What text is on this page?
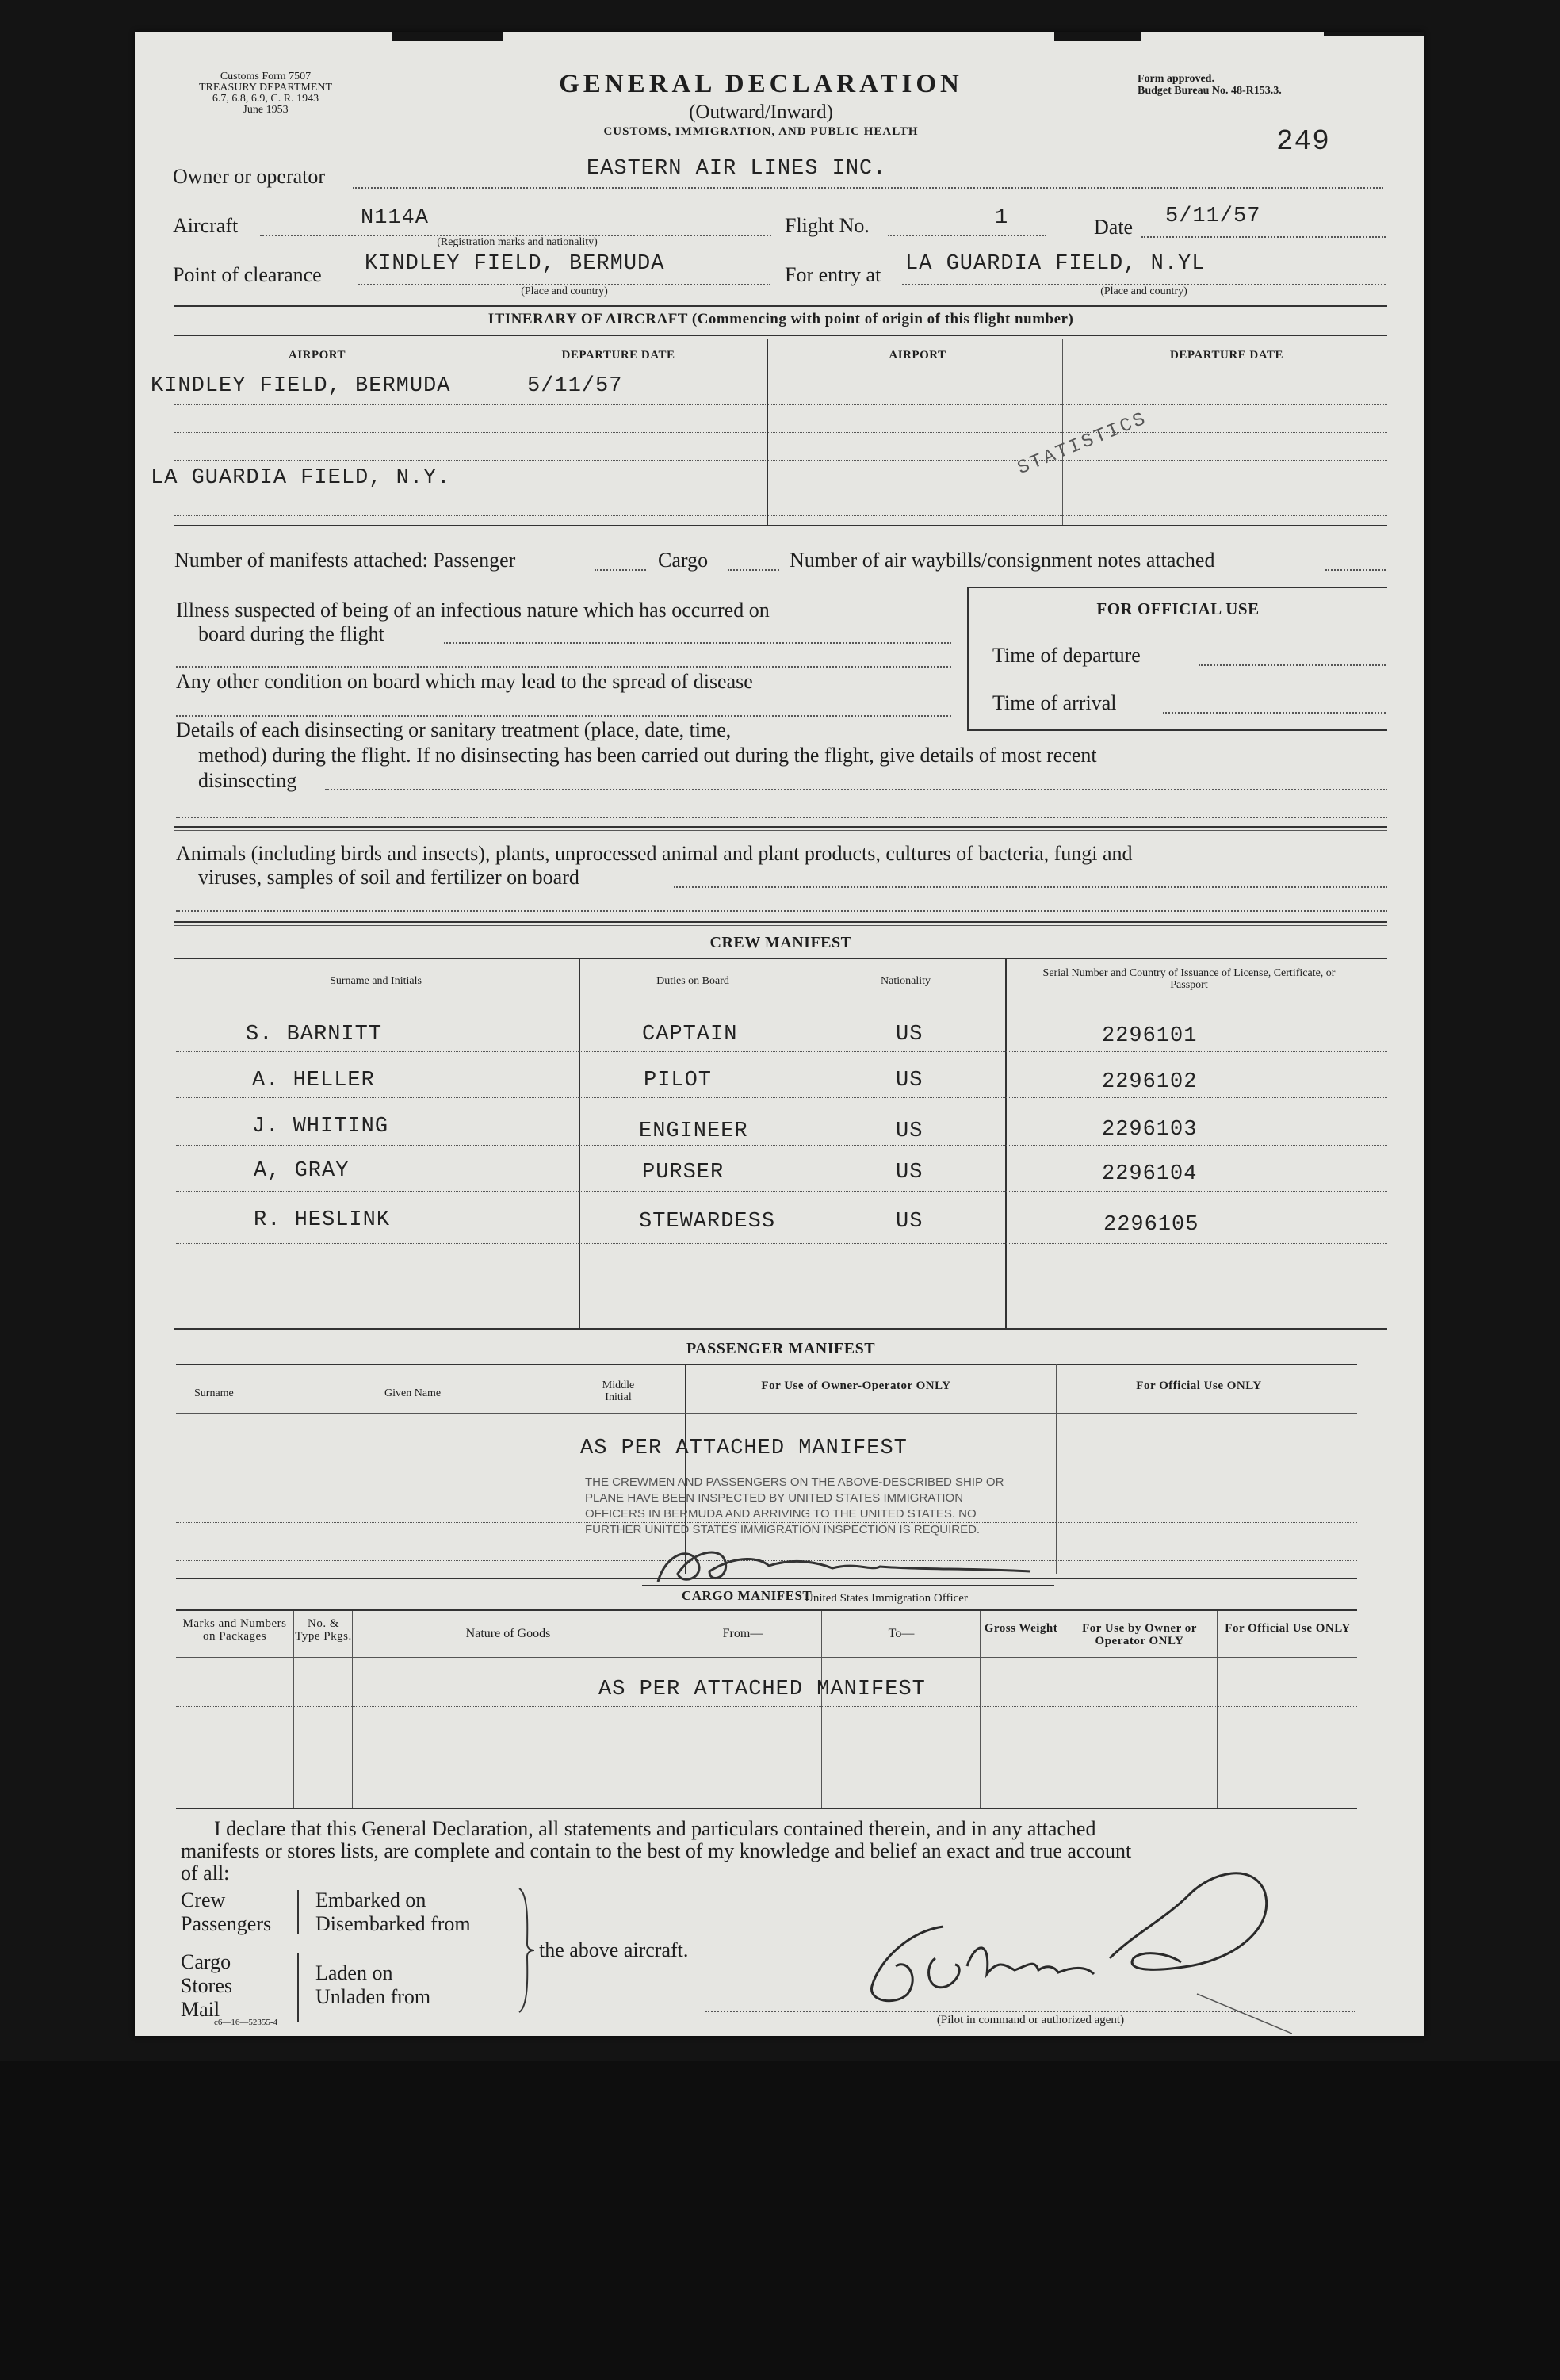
Customs Form 7507
TREASURY DEPARTMENT
6.7, 6.8, 6.9, C. R. 1943
June 1953
GENERAL DECLARATION
(Outward/Inward)
CUSTOMS, IMMIGRATION, AND PUBLIC HEALTH
Form approved.
Budget Bureau No. 48-R153.3.
249
Owner or operator	EASTERN AIR LINES INC.
Aircraft	N114A
(Registration marks and nationality)
Flight No.	1	Date 5/11/57
Point of clearance KINDLEY FIELD, BERMUDA
(Place and country)
For entry at LA GUARDIA FIELD, N.YL
(Place and country)
ITINERARY OF AIRCRAFT (Commencing with point of origin of this flight number)
AIRPORT	DEPARTURE DATE	AIRPORT	DEPARTURE DATE
KINDLEY FIELD, BERMUDA	5/11/57
LA GUARDIA FIELD, N.Y.	STATISTICS
Number of manifests attached: Passenger	Cargo	Number of air waybills/consignment notes attached
Illness suspected of being of an infectious nature which has occurred on
board during the flight
Any other condition on board which may lead to the spread of disease
Details of each disinsecting or sanitary treatment (place, date, time,
method) during the flight. If no disinsecting has been carried out during the flight, give details of most recent
disinsecting
FOR OFFICIAL USE
Time of departure
Time of arrival
Animals (including birds and insects), plants, unprocessed animal and plant products, cultures of bacteria, fungi and
viruses, samples of soil and fertilizer on board
CREW MANIFEST
Surname and Initials	Duties on Board	Nationality
Serial Number and Country of Issuance of License, Certificate, or Passport
S. BARNITT	CAPTAIN	US	2296101
A. HELLER	PILOT	US	2296102
J. WHITING	ENGINEER	US	2296103
A, GRAY	PURSER	US	2296104
R. HESLINK	STEWARDESS	US	2296105
PASSENGER MANIFEST
Surname	Given Name
Middle Initial
For Use of Owner-Operator ONLY	For Official Use ONLY
AS PER ATTACHED MANIFEST
THE CREWMEN AND PASSENGERS ON THE ABOVE-DESCRIBED SHIP OR
PLANE HAVE BEEN INSPECTED BY UNITED STATES IMMIGRATION
OFFICERS IN BERMUDA AND ARRIVING TO THE UNITED STATES. NO
FURTHER UNITED STATES IMMIGRATION INSPECTION IS REQUIRED.
CARGO MANIFEST
United States Immigration Officer
Marks and Numbers on Packages
No. & Type Pkgs.	Nature of Goods	From—	To—	Gross Weight	For Use by Owner or Operator ONLY
For Official Use ONLY
AS PER ATTACHED MANIFEST
I declare that this General Declaration, all statements and particulars contained therein, and in any attached
manifests or stores lists, are complete and contain to the best of my knowledge and belief an exact and true account
of all:
Crew
Passengers
Embarked on
Disembarked from
Cargo
Stores
Mail
Laden on
Unladen from
the above aircraft.
(Pilot in command or authorized agent)
c6—16—52355-4
